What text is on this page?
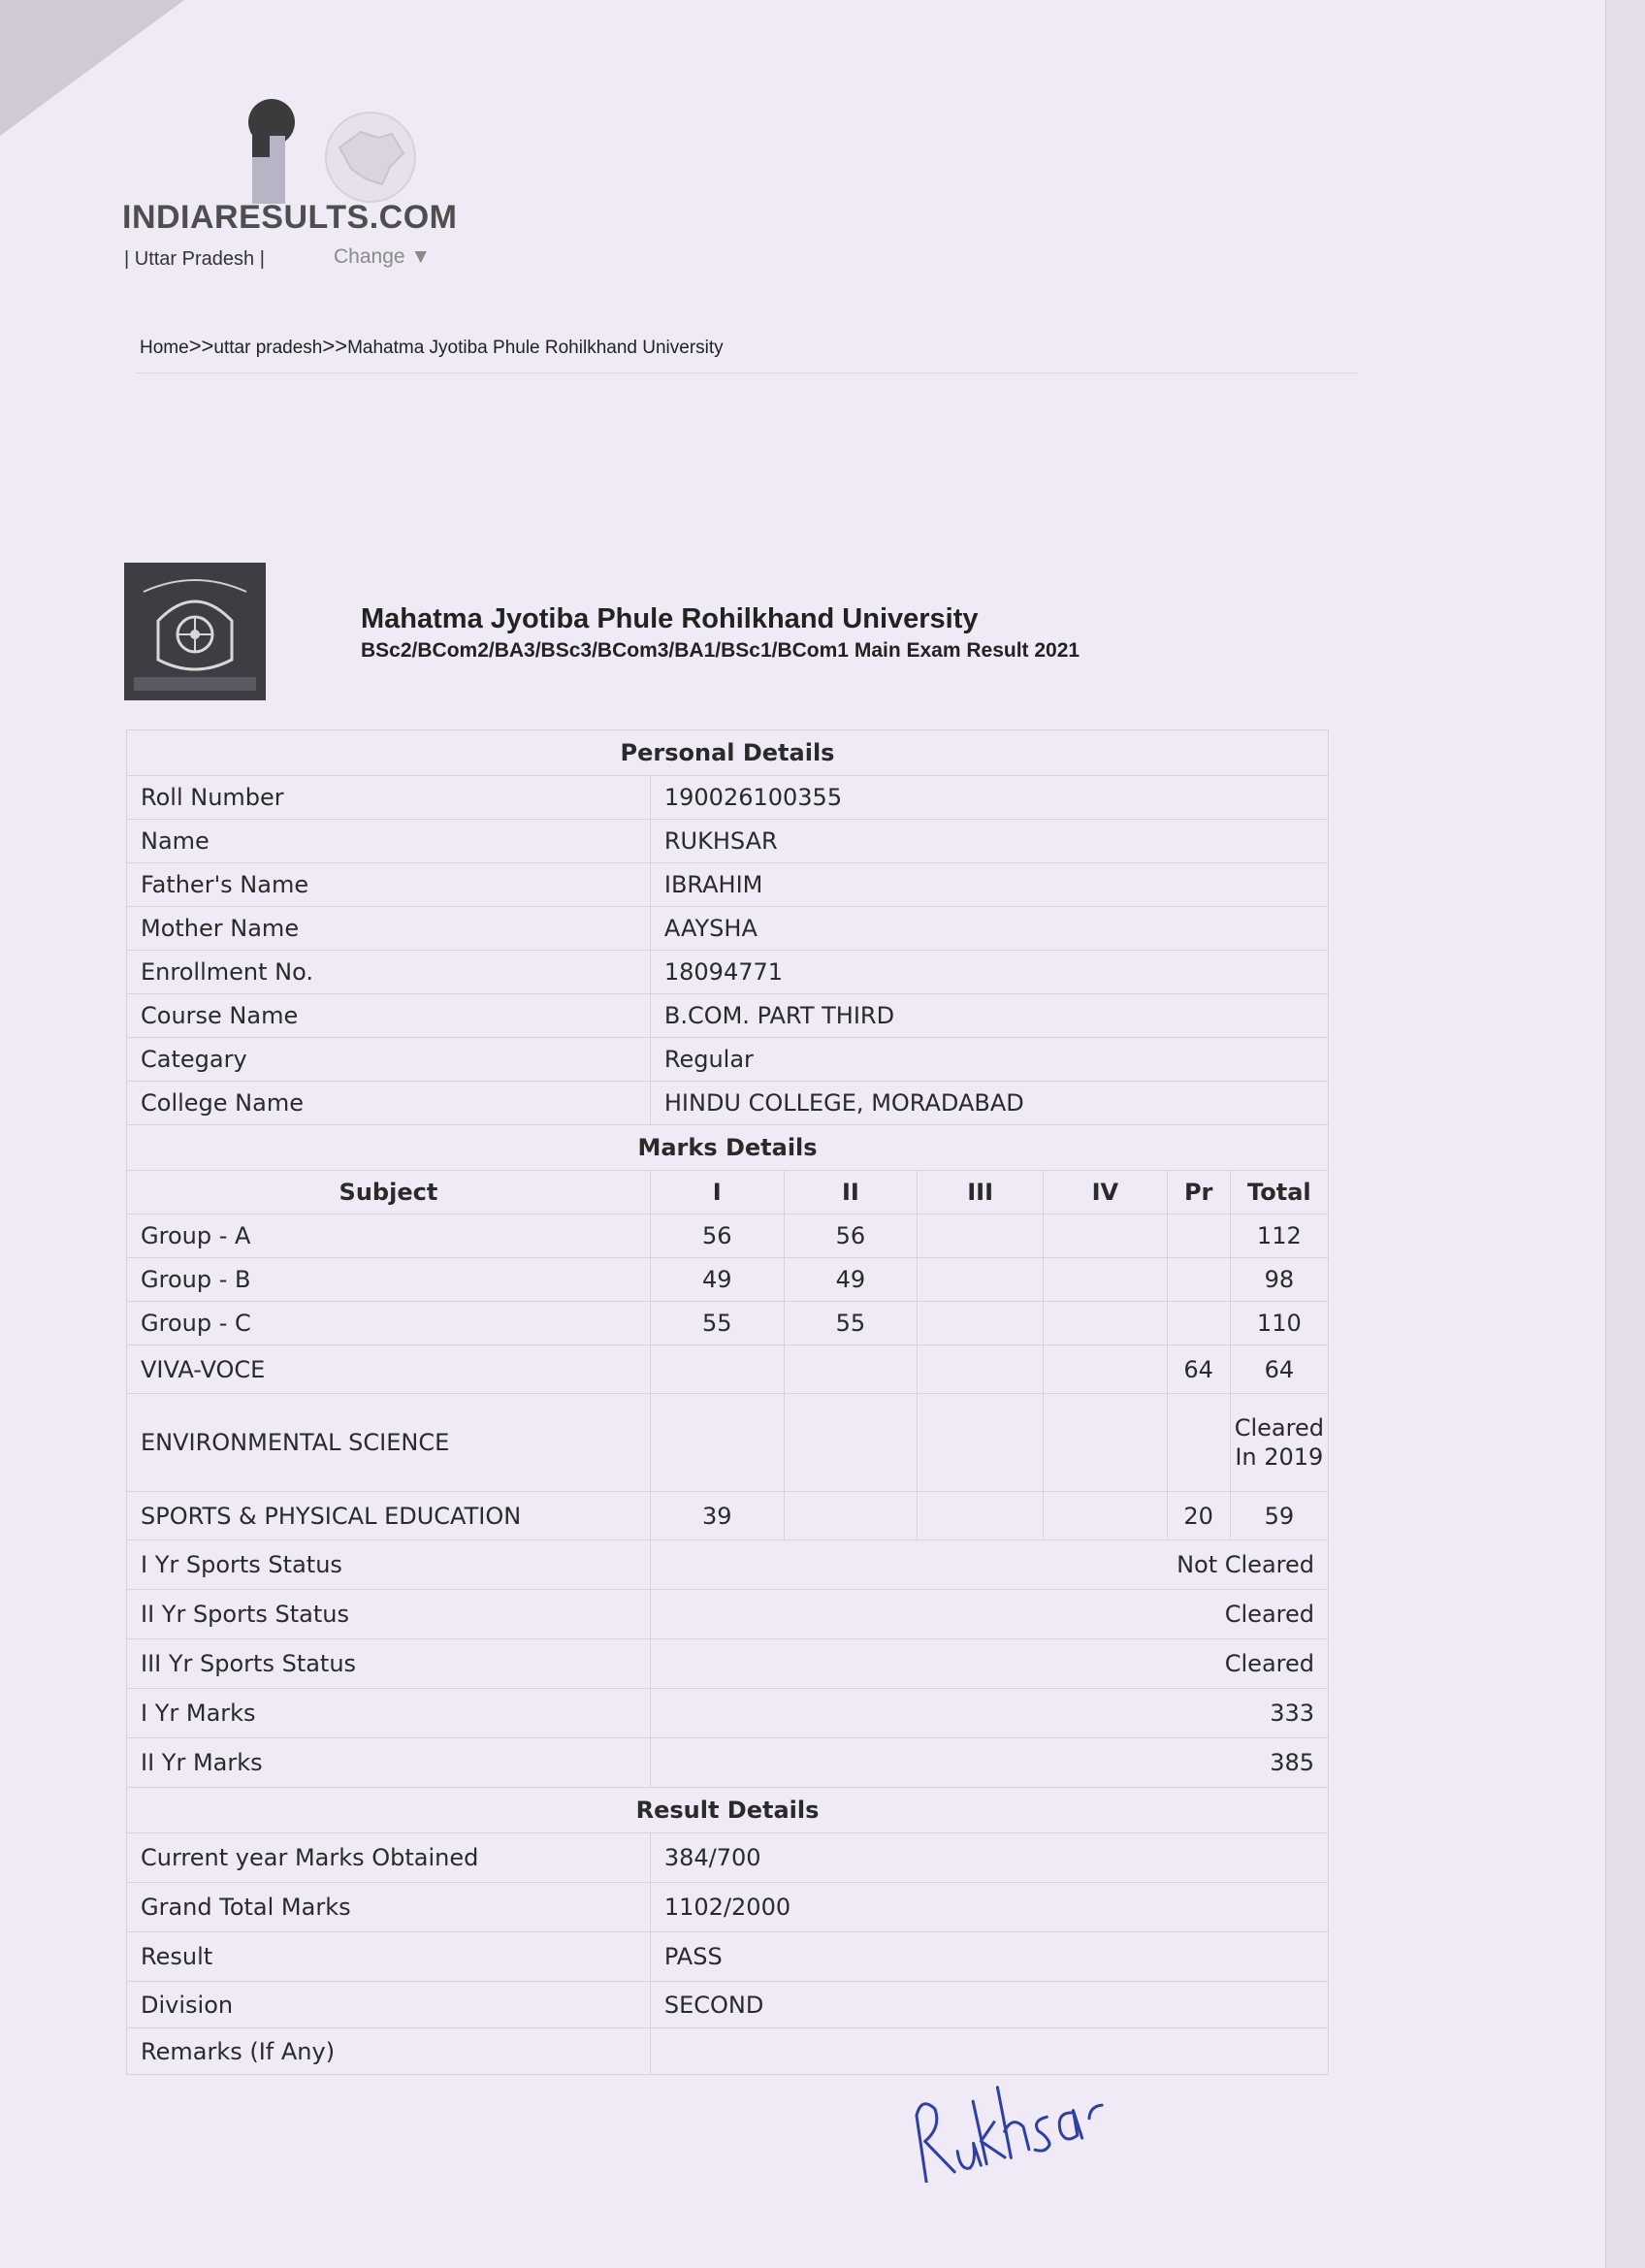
INDIARESULTS.COM
| Uttar Pradesh |	Change ▼
Home>>uttar pradesh>>Mahatma Jyotiba Phule Rohilkhand University
Mahatma Jyotiba Phule Rohilkhand University
BSc2/BCom2/BA3/BSc3/BCom3/BA1/BSc1/BCom1 Main Exam Result 2021
Personal Details						
Roll Number	190026100355					
Name	RUKHSAR					
Father's Name	IBRAHIM					
Mother Name	AAYSHA					
Enrollment No.	18094771					
Course Name	B.COM. PART THIRD					
Categary	Regular					
College Name	HINDU COLLEGE, MORADABAD					
Marks Details						
Subject	I	II	III	IV	Pr	Total
Group - A	56	56				112
Group - B	49	49				98
Group - C	55	55				110
VIVA-VOCE					64	64
ENVIRONMENTAL SCIENCE						Cleared In 2019
SPORTS & PHYSICAL EDUCATION	39				20	59
I Yr Sports Status	Not Cleared					
II Yr Sports Status	Cleared					
III Yr Sports Status	Cleared					
I Yr Marks	333					
II Yr Marks	385					
Result Details						
Current year Marks Obtained	384/700					
Grand Total Marks	1102/2000					
Result	PASS					
Division	SECOND					
Remarks (If Any)						
